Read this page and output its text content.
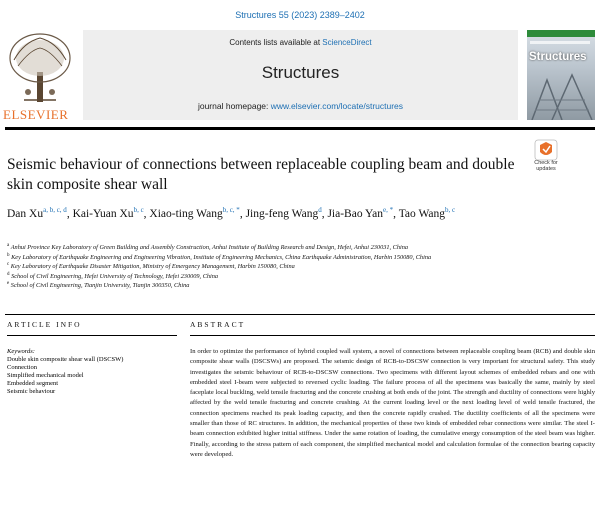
Structures 55 (2023) 2389–2402
ELSEVIER
Contents lists available at ScienceDirect
Structures
journal homepage: www.elsevier.com/locate/structures
Structures
Check for
updates
Seismic behaviour of connections between replaceable coupling beam and double skin composite shear wall
Dan Xu$^{a, b, c, d}$, Kai-Yuan Xu$^{b, c}$, Xiao-ting Wang$^{b, c, *}$, Jing-feng Wang$^d$, Jia-Bao Yan$^{e, *}$, Tao Wang$^{b, c}$
$^a$ Anhui Province Key Laboratory of Green Building and Assembly Construction, Anhui Institute of Building Research and Design, Hefei, Anhui 230031, China
$^b$ Key Laboratory of Earthquake Engineering and Engineering Vibration, Institute of Engineering Mechanics, China Earthquake Administration, Harbin 150080, China
$^c$ Key Laboratory of Earthquake Disaster Mitigation, Ministry of Emergency Management, Harbin 150080, China
$^d$ School of Civil Engineering, Hefei University of Technology, Hefei 230009, China
$^e$ School of Civil Engineering, Tianjin University, Tianjin 300350, China
ARTICLE INFO
Keywords:
Double skin composite shear wall (DSCSW)
Connection
Simplified mechanical model
Embedded segment
Seismic behaviour
ABSTRACT
In order to optimize the performance of hybrid coupled wall system, a novel of connections between replaceable coupling beam (RCB) and double skin composite shear walls (DSCSWs) are proposed. The seismic design of RCB-to-DSCSW connection is very important for structural safety. This study investigates the seismic behaviour of RCB-to-DSCSW connections. Two specimens with different layout schemes of embedded rebars and one with embedded steel I-beam were subjected to reversed cyclic loading. The failure process of all the specimens was basically the same, mainly by steel faceplate local buckling, weld tensile fracturing and the concrete crushing at both ends of the joint. The strength and ductility of connections were highly affected by the weld tensile fracturing and concrete crushing. At the current loading level or the next loading level of weld tensile fractured, the connection specimens reached its peak loading capacity, and then the concrete rapidly crushed. The ductility coefficients of all the specimens were smaller than those of RC structures. In addition, the mechanical properties of these two kinds of embedded rebar connections were similar. The steel I-beam connection exhibited higher initial stiffness. Under the same rotation of loading, the cumulative energy consumption of the steel beam was higher. Finally, according to the stress pattern of each component, the simplified mechanical model and calculation formulae of the connection bearing capacity were developed.
